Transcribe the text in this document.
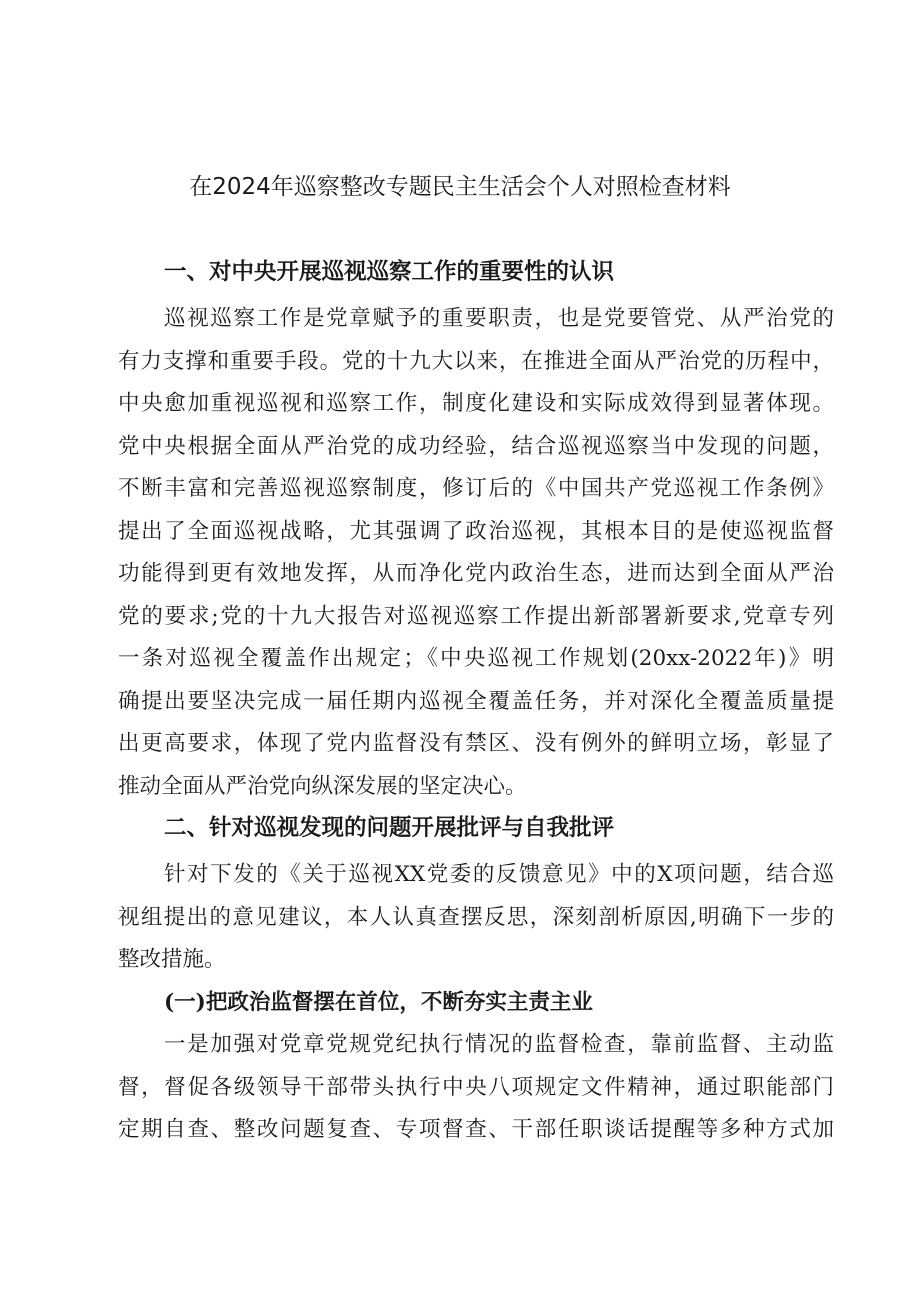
在2024年巡察整改专题民主生活会个人对照检查材料
一、对中央开展巡视巡察工作的重要性的认识

巡视巡察工作是党章赋予的重要职责，也是党要管党、从严治党的
有力支撑和重要手段。党的十九大以来，在推进全面从严治党的历程中，
中央愈加重视巡视和巡察工作，制度化建设和实际成效得到显著体现。
党中央根据全面从严治党的成功经验，结合巡视巡察当中发现的问题，
不断丰富和完善巡视巡察制度，修订后的《中国共产党巡视工作条例》
提出了全面巡视战略，尤其强调了政治巡视，其根本目的是使巡视监督
功能得到更有效地发挥，从而净化党内政治生态，进而达到全面从严治
党的要求;党的十九大报告对巡视巡察工作提出新部署新要求,党章专列
一条对巡视全覆盖作出规定；《中央巡视工作规划(20xx-2022年)》明
确提出要坚决完成一届任期内巡视全覆盖任务，并对深化全覆盖质量提
出更高要求，体现了党内监督没有禁区、没有例外的鲜明立场，彰显了
推动全面从严治党向纵深发展的坚定决心。

二、针对巡视发现的问题开展批评与自我批评

针对下发的《关于巡视XX党委的反馈意见》中的X项问题，结合巡
视组提出的意见建议，本人认真查摆反思，深刻剖析原因,明确下一步的
整改措施。

(一)把政治监督摆在首位，不断夯实主责主业

一是加强对党章党规党纪执行情况的监督检查，靠前监督、主动监
督，督促各级领导干部带头执行中央八项规定文件精神，通过职能部门
定期自查、整改问题复查、专项督查、干部任职谈话提醒等多种方式加
